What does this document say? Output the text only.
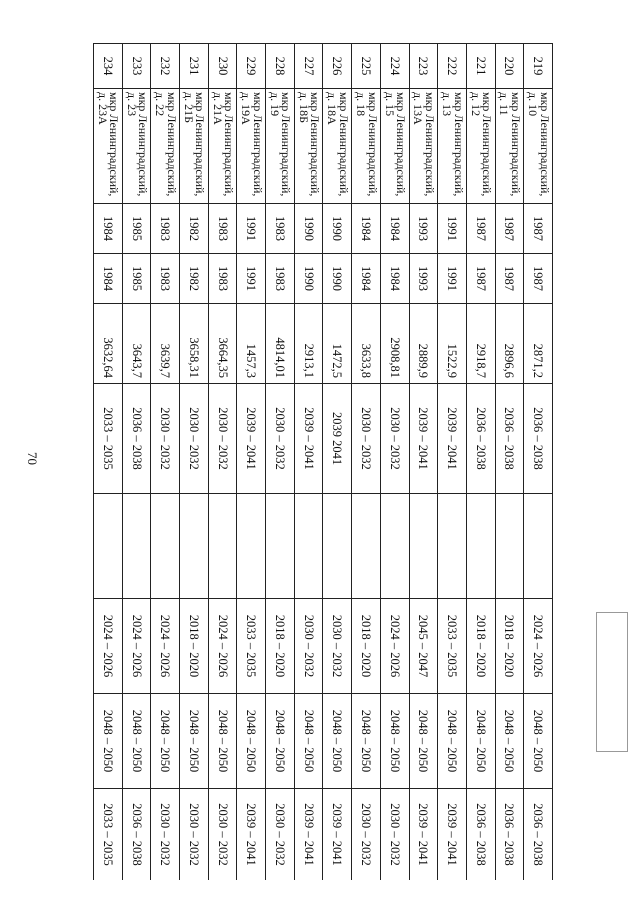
70
219	мкр Ленинградский, д. 10	1987	1987	2871,2	2036 – 2038		2024 – 2026	2048 – 2050	2036 – 2038
220	мкр Ленинградский, д. 11	1987	1987	2896,6	2036 – 2038		2018 – 2020	2048 – 2050	2036 – 2038
221	мкр Ленинградский, д. 12	1987	1987	2918,7	2036 – 2038		2018 – 2020	2048 – 2050	2036 – 2038
222	мкр Ленинградский, д. 13	1991	1991	1522,9	2039 – 2041		2033 – 2035	2048 – 2050	2039 – 2041
223	мкр Ленинградский, д. 13А	1993	1993	2889,9	2039 – 2041		2045 – 2047	2048 – 2050	2039 – 2041
224	мкр Ленинградский, д. 15	1984	1984	2908,81	2030 – 2032		2024 – 2026	2048 – 2050	2030 – 2032
225	мкр Ленинградский, д. 18	1984	1984	3633,8	2030 – 2032		2018 – 2020	2048 – 2050	2030 – 2032
226	мкр Ленинградский, д. 18А	1990	1990	1472,5	2039 2041		2030 – 2032	2048 – 2050	2039 – 2041
227	мкр Ленинградский, д. 18Б	1990	1990	2913,1	2039 – 2041		2030 – 2032	2048 – 2050	2039 – 2041
228	мкр Ленинградский, д. 19	1983	1983	4814,01	2030 – 2032		2018 – 2020	2048 – 2050	2030 – 2032
229	мкр Ленинградский, д. 19А	1991	1991	1457,3	2039 – 2041		2033 – 2035	2048 – 2050	2039 – 2041
230	мкр Ленинградский, д. 21А	1983	1983	3664,35	2030 – 2032		2024 – 2026	2048 – 2050	2030 – 2032
231	мкр Ленинградский, д. 21Б	1982	1982	3658,31	2030 – 2032		2018 – 2020	2048 – 2050	2030 – 2032
232	мкр Ленинградский, д. 22	1983	1983	3639,7	2030 – 2032		2024 – 2026	2048 – 2050	2030 – 2032
233	мкр Ленинградский, д. 23	1985	1985	3643,7	2036 – 2038		2024 – 2026	2048 – 2050	2036 – 2038
234	мкр Ленинградский, д. 23А	1984	1984	3632,64	2033 – 2035		2024 – 2026	2048 – 2050	2033 – 2035
